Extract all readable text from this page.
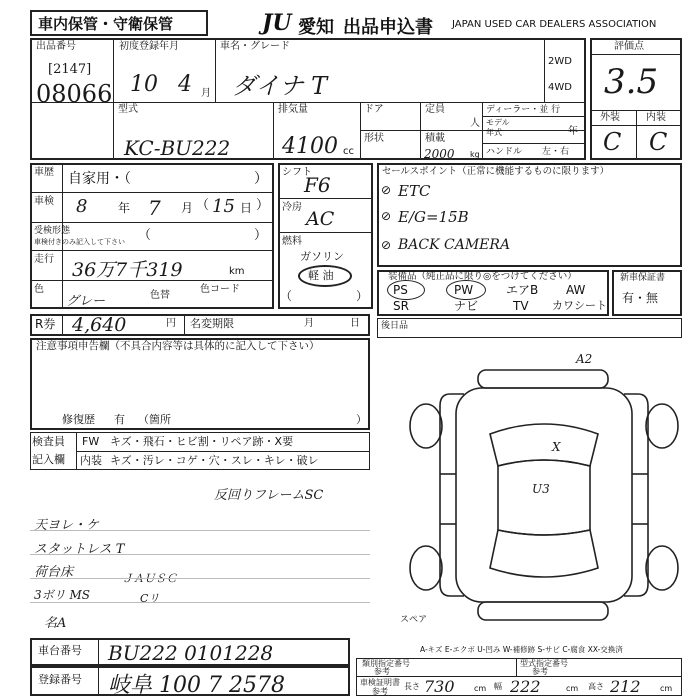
車内保管・守衛保管	JU 愛知 出品申込書 JAPAN USED CAR DEALERS ASSOCIATION
出品番号
[2147]
08066
初度登録年月
10 4 月
車名・グレード
ダイナ T
2WD
4WD
型式
KC-BU222
排気量
4100 cc
ドア
形状
定員
人
積載
2000 kg
ディーラー・並 行
モデル
年式	年
ハンドル 左・右
評価点
3.5
外装	内装
C C
車歴 自家用・（	）
車検 8	年 7 月 （ 15 日 ）
受検形態
車検付きのみ記入して下さい （	）
走行 36万7千319	km
色
グレー	色替
色コード
シフト
F6
冷房
AC
燃料
ガソリン
軽 油
（	）
セールスポイント（正常に機能するものに限ります）
ETC
E/G=15B
BACK CAMERA
⊘
⊘
⊘
装備品（純正品に限り◎をつけてください）
PS	PW	エアB AW
SR	ナビ	TV カワシート
新車保証書
有・無
R券 4,640	円 名変期限	月	日 後日品
注意事項申告欄（不具合内容等は具体的に記入して下さい）
修復歴 有 （箇所	）
検査員
記入欄
FW キズ・飛石・ヒビ割・リペア跡・X要
内装 キズ・汚レ・コゲ・穴・スレ・キレ・破レ
反回りフレームSC
天ヨレ・ケ
スタットレス T
荷台床
3ボリ MS
名A
ＪＡＵＳＣ
Cリ
A2
X
U3
スペア
A-キズ E-エクボ U-凹み W-補修跡 S-サビ C-腐食 XX-交換済
車台番号 BU222 0101228
登録番号 岐阜 100 7 2578
類別指定番号
参考
型式指定番号
参考
車検証明書
参考
長さ 730 cm 幅 222	cm 高さ 212 cm
